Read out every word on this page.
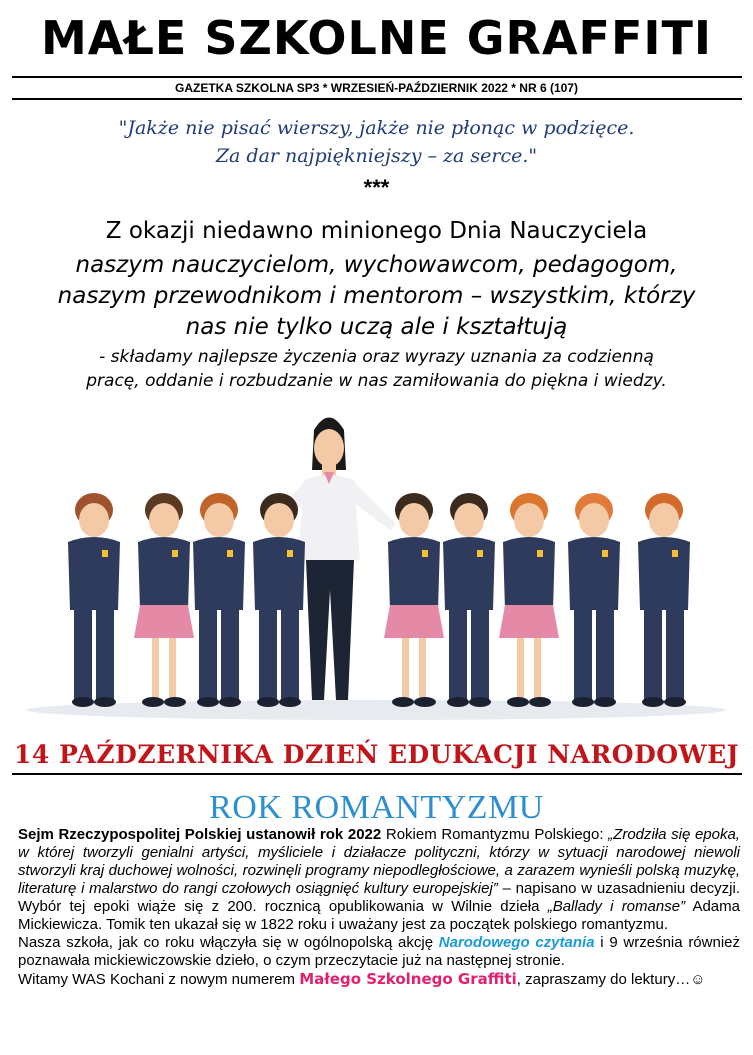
MAŁE SZKOLNE GRAFFITI
GAZETKA SZKOLNA SP3 * WRZESIEŃ-PAŹDZIERNIK 2022 * NR 6 (107)
"Jakże nie pisać wierszy, jakże nie płonąc w podzięce.
Za dar najpiękniejszy – za serce."
***
Z okazji niedawno minionego Dnia Nauczyciela
naszym nauczycielom, wychowawcom, pedagogom,
naszym przewodnikom i mentorom – wszystkim, którzy
nas nie tylko uczą ale i kształtują
- składamy najlepsze życzenia oraz wyrazy uznania za codzienną
pracę, oddanie i rozbudzanie w nas zamiłowania do piękna i wiedzy.
14 PAŹDZERNIKA DZIEŃ EDUKACJI NARODOWEJ
ROK ROMANTYZMU

Sejm Rzeczypospolitej Polskiej ustanowił rok 2022 Rokiem Romantyzmu Polskiego: „Zrodziła się epoka, w której tworzyli genialni artyści, myśliciele i działacze polityczni, którzy w sytuacji narodowej niewoli stworzyli kraj duchowej wolności, rozwinęli programy niepodległościowe, a zarazem wynieśli polską muzykę, literaturę i malarstwo do rangi czołowych osiągnięć kultury europejskiej” – napisano w uzasadnieniu decyzji. Wybór tej epoki wiąże się z 200. rocznicą opublikowania w Wilnie dzieła „Ballady i romanse” Adama Mickiewicza. Tomik ten ukazał się w 1822 roku i uważany jest za początek polskiego romantyzmu.

Nasza szkoła, jak co roku włączyła się w ogólnopolską akcję Narodowego czytania i 9 września również poznawała mickiewiczowskie dzieło, o czym przeczytacie już na następnej stronie.

Witamy WAS Kochani z nowym numerem Małego Szkolnego Graffiti, zapraszamy do lektury…☺
